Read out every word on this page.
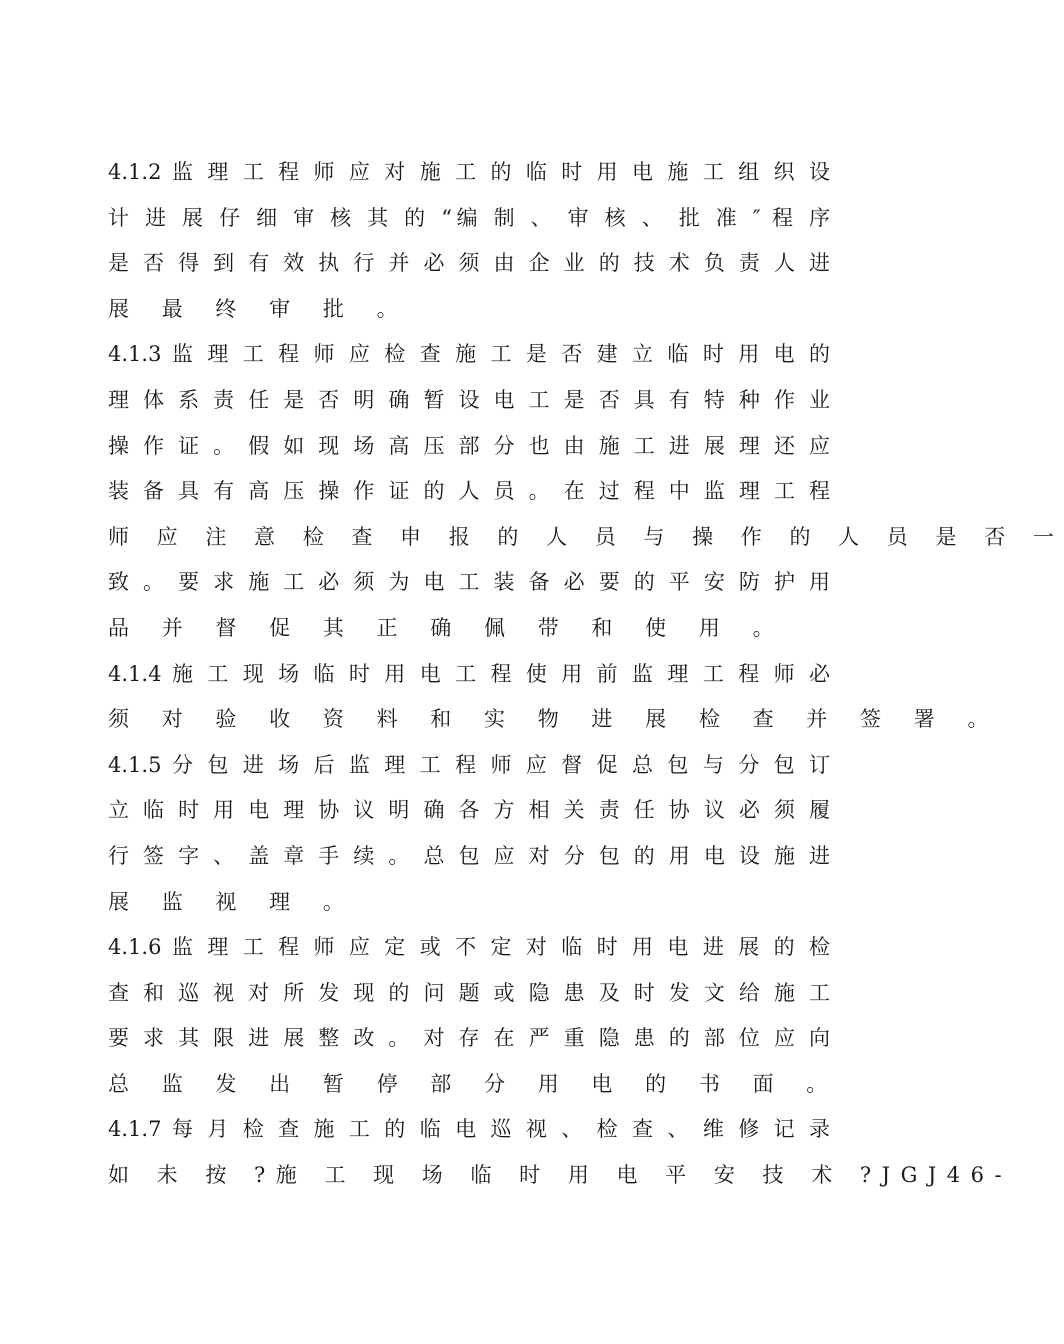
4.1.2 监 理 工 程 师 应 对 施 工 的 临 时 用 电 施 工 组 织 设
计 进 展 仔 细 审 核 其 的 “编 制 、 审 核 、 批 准 ″ 程 序
是 否 得 到 有 效 执 行 并 必 须 由 企 业 的 技 术 负 责 人 进
展 最 终 审 批 。
4.1.3 监 理 工 程 师 应 检 查 施 工 是 否 建 立 临 时 用 电 的
理 体 系 责 任 是 否 明 确 暂 设 电 工 是 否 具 有 特 种 作 业
操 作 证 。 假 如 现 场 高 压 部 分 也 由 施 工 进 展 理 还 应
装 备 具 有 高 压 操 作 证 的 人 员 。 在 过 程 中 监 理 工 程
师 应 注 意 检 查 申 报 的 人 员 与 操 作 的 人 员 是 否 一
致 。 要 求 施 工 必 须 为 电 工 装 备 必 要 的 平 安 防 护 用
品 并 督 促 其 正 确 佩 带 和 使 用 。
4.1.4 施 工 现 场 临 时 用 电 工 程 使 用 前 监 理 工 程 师 必
须 对 验 收 资 料 和 实 物 进 展 检 查 并 签 署 。
4.1.5 分 包 进 场 后 监 理 工 程 师 应 督 促 总 包 与 分 包 订
立 临 时 用 电 理 协 议 明 确 各 方 相 关 责 任 协 议 必 须 履
行 签 字 、 盖 章 手 续 。 总 包 应 对 分 包 的 用 电 设 施 进
展 监 视 理 。
4.1.6 监 理 工 程 师 应 定 或 不 定 对 临 时 用 电 进 展 的 检
查 和 巡 视 对 所 发 现 的 问 题 或 隐 患 及 时 发 文 给 施 工
要 求 其 限 进 展 整 改 。 对 存 在 严 重 隐 患 的 部 位 应 向
总 监 发 出 暂 停 部 分 用 电 的 书 面 。
4.1.7 每 月 检 查 施 工 的 临 电 巡 视 、 检 查 、 维 修 记 录
如 未 按 ?施 工 现 场 临 时 用 电 平 安 技 术 ?JGJ46-
